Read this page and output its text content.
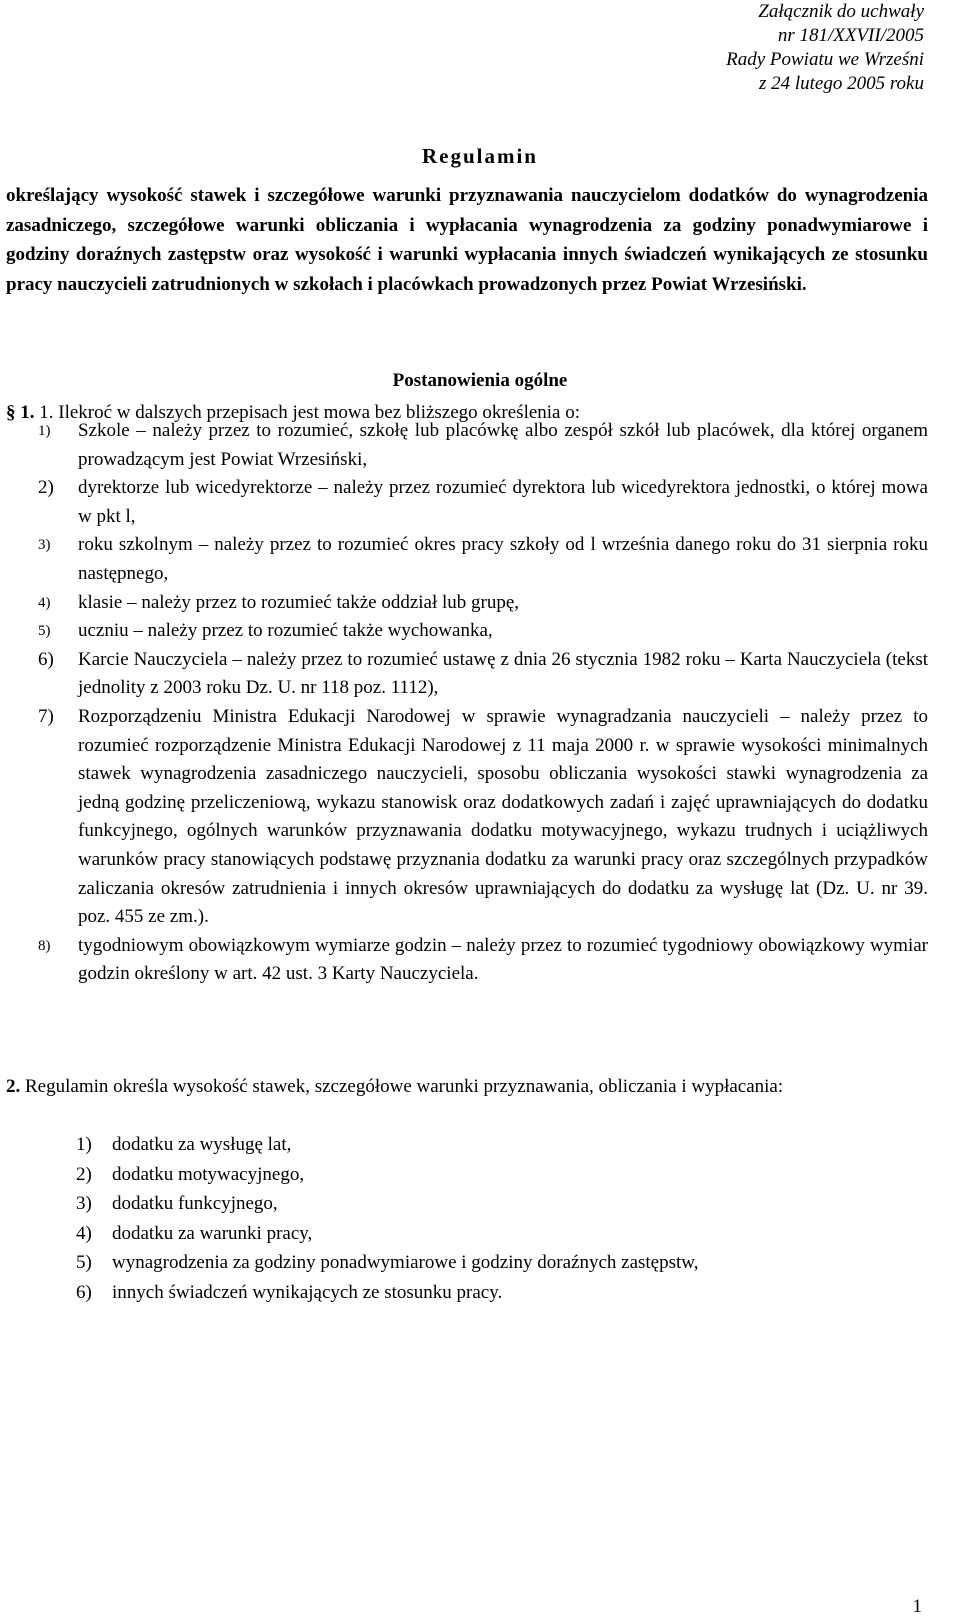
Załącznik do uchwały
nr 181/XXVII/2005
Rady Powiatu we Wrześni
z 24 lutego 2005 roku
Regulamin
określający wysokość stawek i szczegółowe warunki przyznawania nauczycielom dodatków do wynagrodzenia zasadniczego, szczegółowe warunki obliczania i wypłacania wynagrodzenia za godziny ponadwymiarowe i godziny doraźnych zastępstw oraz wysokość i warunki wypłacania innych świadczeń wynikających ze stosunku pracy nauczycieli zatrudnionych w szkołach i placówkach prowadzonych przez Powiat Wrzesiński.
Postanowienia ogólne
§ 1. 1. Ilekroć w dalszych przepisach jest mowa bez bliższego określenia o:
1) Szkole – należy przez to rozumieć, szkołę lub placówkę albo zespół szkół lub placówek, dla której organem prowadzącym jest Powiat Wrzesiński,
2) dyrektorze lub wicedyrektorze – należy przez rozumieć dyrektora lub wicedyrektora jednostki, o której mowa w pkt l,
3) roku szkolnym – należy przez to rozumieć okres pracy szkoły od l września danego roku do 31 sierpnia roku następnego,
4) klasie – należy przez to rozumieć także oddział lub grupę,
5) uczniu – należy przez to rozumieć także wychowanka,
6) Karcie Nauczyciela – należy przez to rozumieć ustawę z dnia 26 stycznia 1982 roku – Karta Nauczyciela (tekst jednolity z 2003 roku Dz. U. nr 118 poz. 1112),
7) Rozporządzeniu Ministra Edukacji Narodowej w sprawie wynagradzania nauczycieli – należy przez to rozumieć rozporządzenie Ministra Edukacji Narodowej z 11 maja 2000 r. w sprawie wysokości minimalnych stawek wynagrodzenia zasadniczego nauczycieli, sposobu obliczania wysokości stawki wynagrodzenia za jedną godzinę przeliczeniową, wykazu stanowisk oraz dodatkowych zadań i zajęć uprawniających do dodatku funkcyjnego, ogólnych warunków przyznawania dodatku motywacyjnego, wykazu trudnych i uciążliwych warunków pracy stanowiących podstawę przyznania dodatku za warunki pracy oraz szczególnych przypadków zaliczania okresów zatrudnienia i innych okresów uprawniających do dodatku za wysługę lat (Dz. U. nr 39. poz. 455 ze zm.).
8) tygodniowym obowiązkowym wymiarze godzin – należy przez to rozumieć tygodniowy obowiązkowy wymiar godzin określony w art. 42 ust. 3 Karty Nauczyciela.
2. Regulamin określa wysokość stawek, szczegółowe warunki przyznawania, obliczania i wypłacania:
1) dodatku za wysługę lat,
2) dodatku motywacyjnego,
3) dodatku funkcyjnego,
4) dodatku za warunki pracy,
5) wynagrodzenia za godziny ponadwymiarowe i godziny doraźnych zastępstw,
6) innych świadczeń wynikających ze stosunku pracy.
1
